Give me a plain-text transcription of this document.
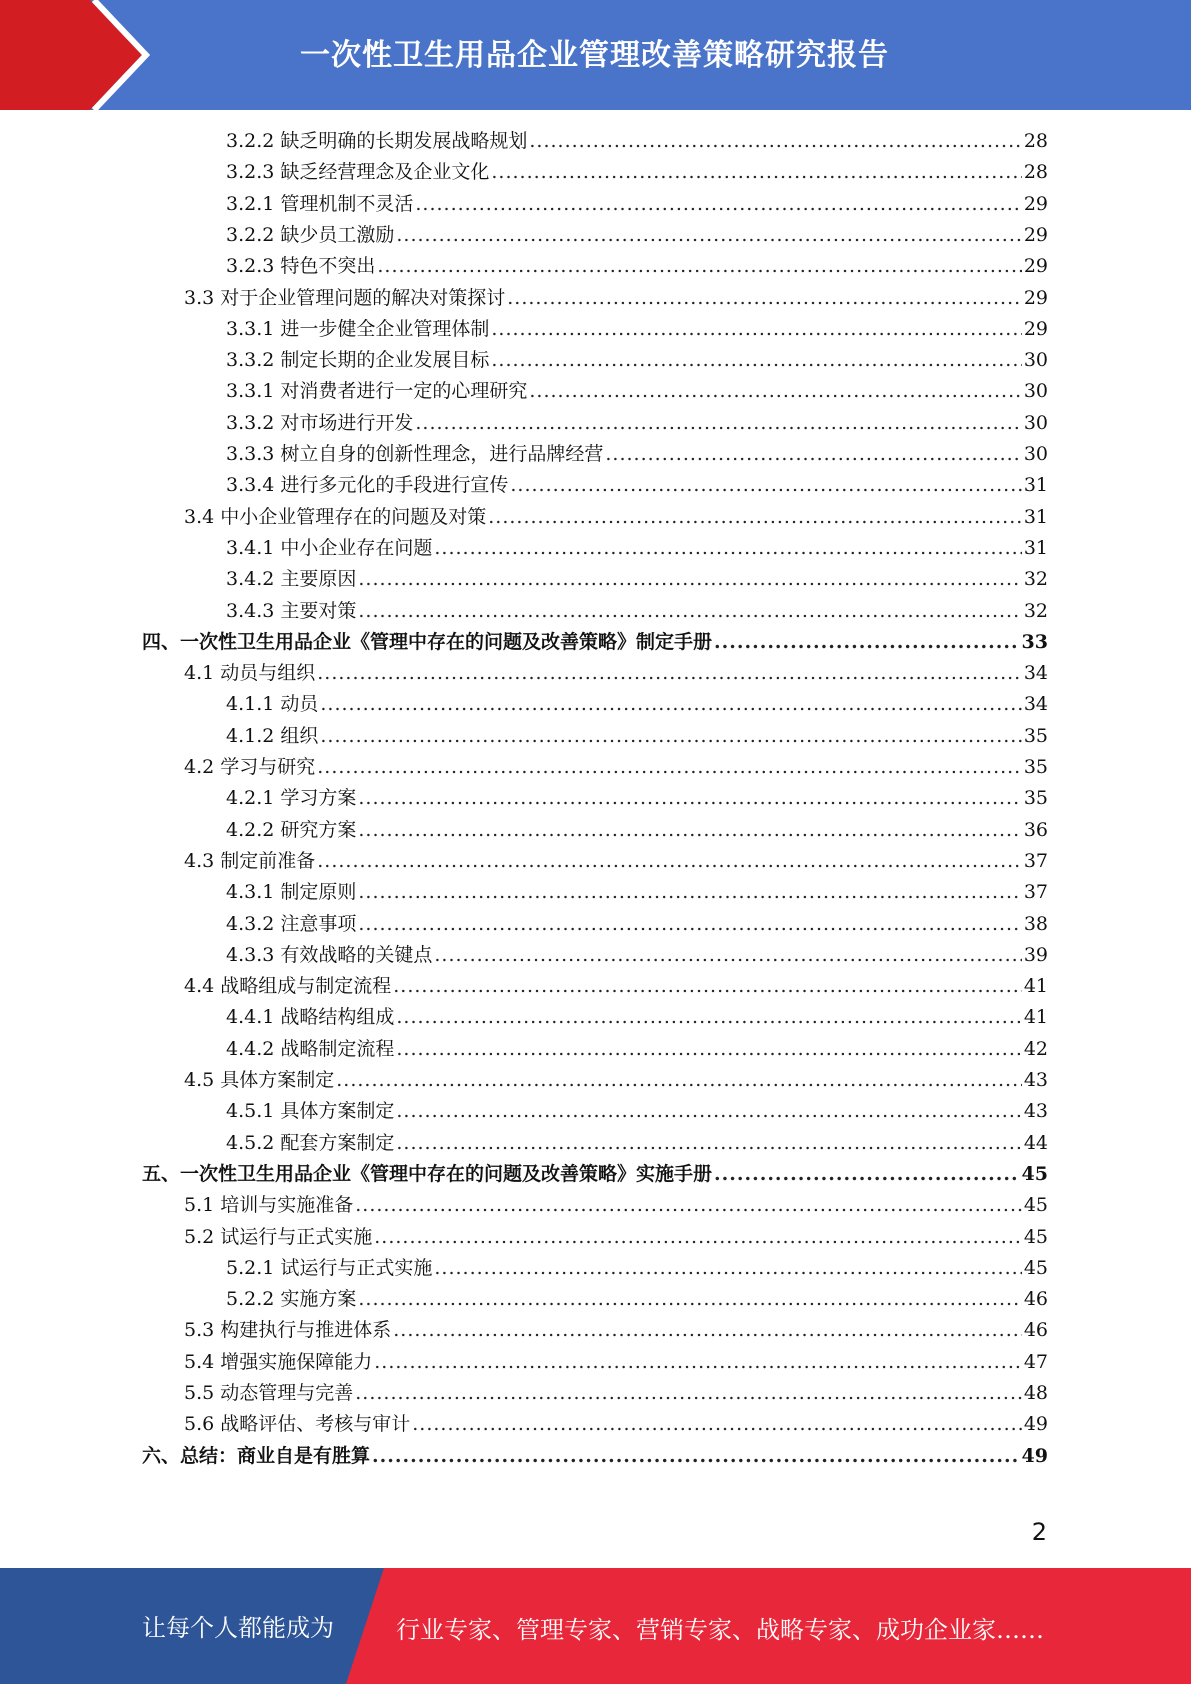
一次性卫生用品企业管理改善策略研究报告
3.2.2 缺乏明确的长期发展战略规划 .....	28
3.2.3 缺乏经营理念及企业文化 .....	28
3.2.1 管理机制不灵活 .....	29
3.2.2 缺少员工激励 .....	29
3.2.3 特色不突出 .....	29
3.3 对于企业管理问题的解决对策探讨 .....	29
3.3.1 进一步健全企业管理体制 .....	29
3.3.2 制定长期的企业发展目标 .....	30
3.3.1 对消费者进行一定的心理研究 .....	30
3.3.2 对市场进行开发 .....	30
3.3.3 树立自身的创新性理念，进行品牌经营 .....	30
3.3.4 进行多元化的手段进行宣传 .....	31
3.4 中小企业管理存在的问题及对策 .....	31
3.4.1 中小企业存在问题 .....	31
3.4.2 主要原因 .....	32
3.4.3 主要对策 .....	32
四、一次性卫生用品企业《管理中存在的问题及改善策略》制定手册 .....	33
4.1 动员与组织 .....	34
4.1.1 动员 .....	34
4.1.2 组织 .....	35
4.2 学习与研究 .....	35
4.2.1 学习方案 .....	35
4.2.2 研究方案 .....	36
4.3 制定前准备 .....	37
4.3.1 制定原则 .....	37
4.3.2 注意事项 .....	38
4.3.3 有效战略的关键点 .....	39
4.4 战略组成与制定流程 .....	41
4.4.1 战略结构组成 .....	41
4.4.2 战略制定流程 .....	42
4.5 具体方案制定 .....	43
4.5.1 具体方案制定 .....	43
4.5.2 配套方案制定 .....	44
五、一次性卫生用品企业《管理中存在的问题及改善策略》实施手册 .....	45
5.1 培训与实施准备 .....	45
5.2 试运行与正式实施 .....	45
5.2.1 试运行与正式实施 .....	45
5.2.2 实施方案 .....	46
5.3 构建执行与推进体系 .....	46
5.4 增强实施保障能力 .....	47
5.5 动态管理与完善 .....	48
5.6 战略评估、考核与审计 .....	49
六、总结：商业自是有胜算 .....	49
2
让每个人都能成为	行业专家、管理专家、营销专家、战略专家、成功企业家……
